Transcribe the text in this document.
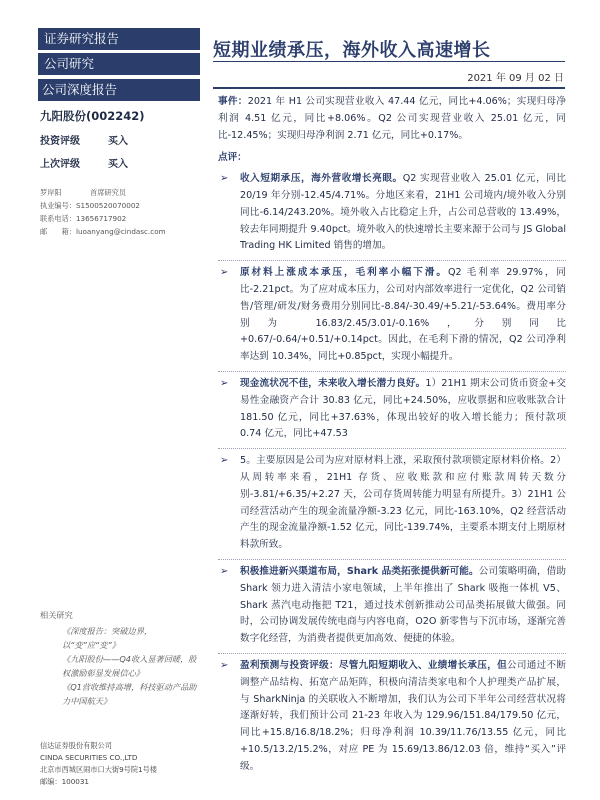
证券研究报告
公司研究
公司深度报告
九阳股份(002242)
投资评级	买入
上次评级	买入
罗岸阳	首席研究员
执业编号： S1500520070002
联系电话： 13656717902
邮　　箱： luoanyang@cindasc.com
相关研究
《深度报告：突破边界，以“变”应“变”》
《九阳股份——Q4收入显著回暖，股权激励彰显发展信心》
《Q1营收维持高增，科技驱动产品助力中国航天》
信达证券股份有限公司
CINDA SECURITIES CO.,LTD
北京市西城区闹市口大街9号院1号楼
邮编：100031
短期业绩承压，海外收入高速增长
2021 年 09 月 02 日

事件：2021 年 H1 公司实现营业收入 47.44 亿元，同比+4.06%；实现归母净利润 4.51 亿元，同比+8.06%。Q2 公司实现营业收入 25.01 亿元，同比-12.45%；实现归母净利润 2.71 亿元，同比+0.17%。

点评：
➢ 收入短期承压，海外营收增长亮眼。Q2 实现营业收入 25.01 亿元，同比 20/19 年分别-12.45/4.71%。分地区来看，21H1 公司境内/境外收入分别同比-6.14/243.20%。境外收入占比稳定上升，占公司总营收的 13.49%，较去年同期提升 9.40pct。境外收入的快速增长主要来源于公司与 JS Global Trading HK Limited 销售的增加。
➢ 原材料上涨成本承压，毛利率小幅下滑。Q2 毛利率 29.97%，同比-2.21pct。为了应对成本压力，公司对内部效率进行一定优化，Q2 公司销售/管理/研发/财务费用分别同比-8.84/-30.49/+5.21/-53.64%。费用率分别为 16.83/2.45/3.01/-0.16%，分别同比+0.67/-0.64/+0.51/+0.14pct。因此，在毛利下滑的情况，Q2 公司净利率达到 10.34%，同比+0.85pct，实现小幅提升。
➢ 现金流状况不佳，未来收入增长潜力良好。1）21H1 期末公司货币资金+交易性金融资产合计 30.83 亿元，同比+24.50%，应收票据和应收账款合计 181.50 亿元，同比+37.63%，体现出较好的收入增长能力；预付款项 0.74 亿元，同比+47.53
➢ 5。主要原因是公司为应对原材料上涨，采取预付款项锁定原材料价格。2）从周转率来看，21H1 存货、应收账款和应付账款周转天数分别-3.81/+6.35/+2.27 天，公司存货周转能力明显有所提升。3）21H1 公司经营活动产生的现金流量净额-3.23 亿元，同比-163.10%，Q2 经营活动产生的现金流量净额-1.52 亿元，同比-139.74%，主要系本期支付上期原材料款所致。
➢ 积极推进新兴渠道布局，Shark 品类拓张提供新可能。公司策略明确，借助 Shark 领力进入清洁小家电领域，上半年推出了 Shark 吸拖一体机 V5、Shark 蒸汽电动拖把 T21，通过技术创新推动公司品类拓展做大做强。同时，公司协调发展传统电商与内容电商，O2O 新零售与下沉市场，逐渐完善数字化经营，为消费者提供更加高效、便捷的体验。
➢ 盈利预测与投资评级：尽管九阳短期收入、业绩增长承压，但公司通过不断调整产品结构、拓宽产品矩阵，积极向清洁类家电和个人护理类产品扩展，与 SharkNinja 的关联收入不断增加，我们认为公司下半年公司经营状况将逐渐好转，我们预计公司 21-23 年收入为 129.96/151.84/179.50 亿元，同比+15.8/16.8/18.2%；归母净利润 10.39/11.76/13.55 亿元，同比+10.5/13.2/15.2%，对应 PE 为 15.69/13.86/12.03 倍，维持“买入”评级。
